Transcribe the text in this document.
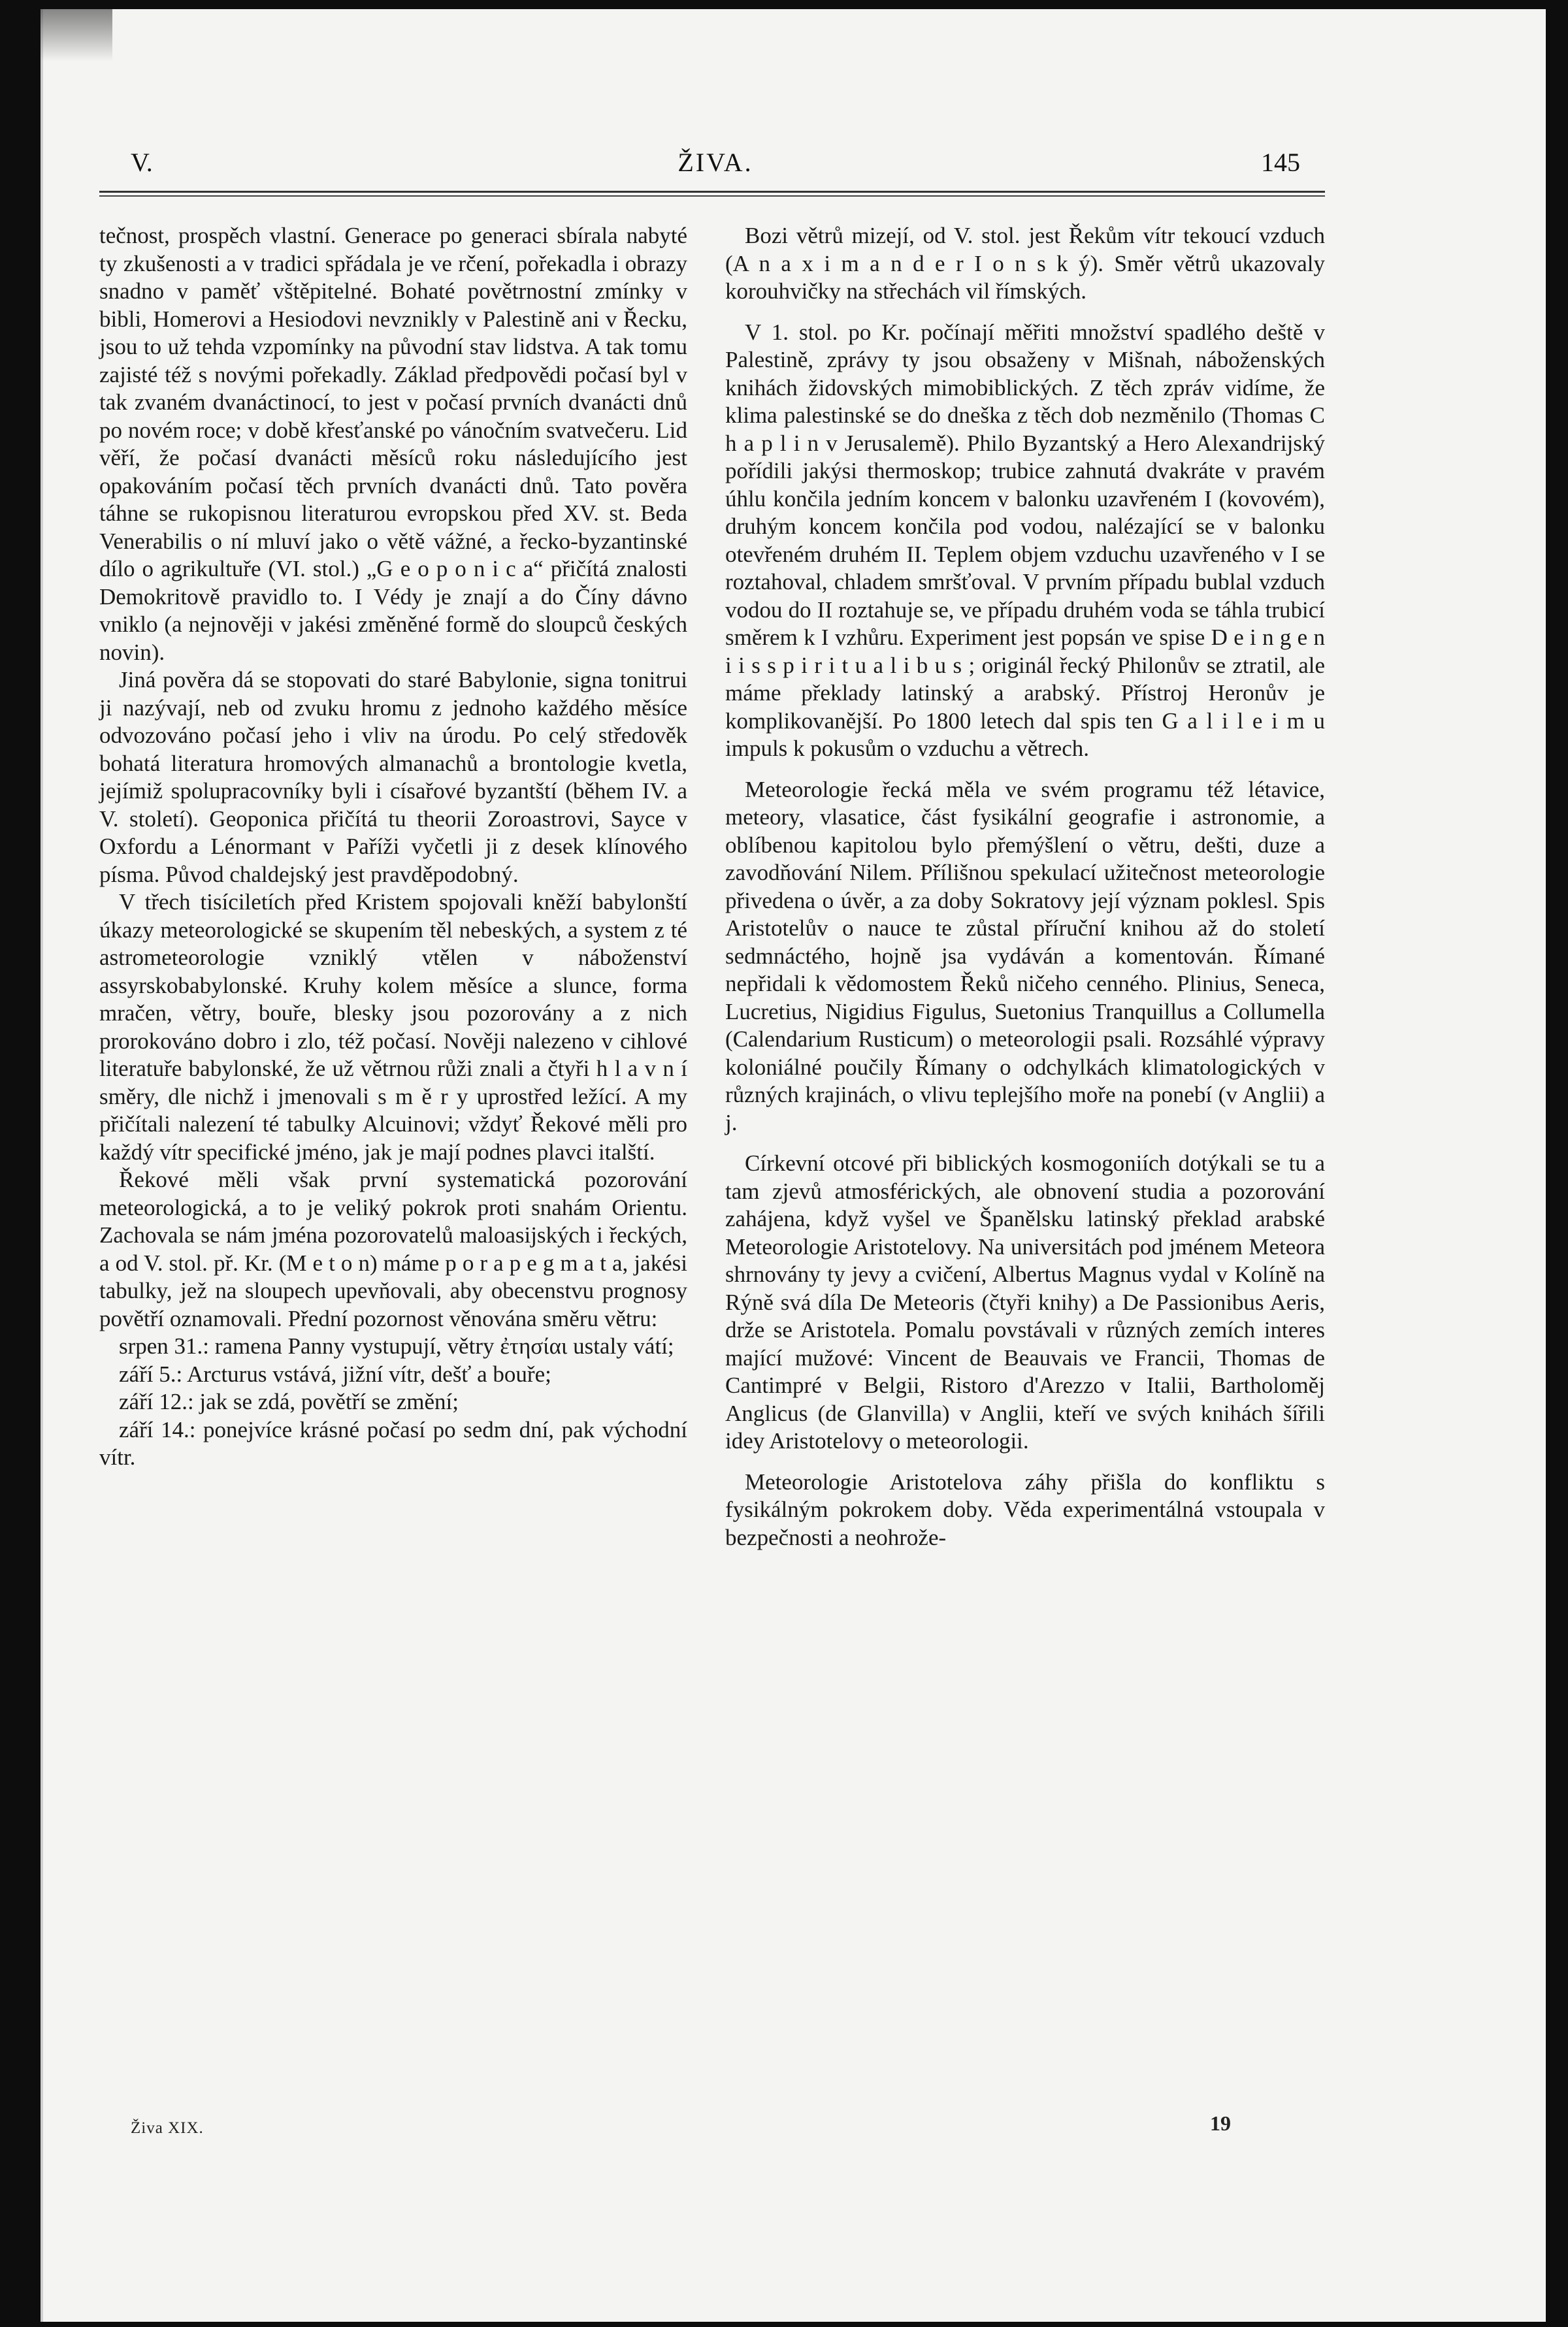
V.	ŽIVA.	145

tečnost, prospěch vlastní. Generace po generaci sbírala nabyté ty zkušenosti a v tradici spřádala je ve rčení, pořekadla i obrazy snadno v paměť vštěpitelné. Bohaté povětrnostní zmínky v bibli, Homerovi a Hesiodovi nevznikly v Palestině ani v Řecku, jsou to už tehda vzpomínky na původní stav lidstva. A tak tomu zajisté též s novými pořekadly. Základ předpovědi počasí byl v tak zvaném dvanáctinocí, to jest v počasí prvních dvanácti dnů po novém roce; v době křesťanské po vánočním svatvečeru. Lid věří, že počasí dvanácti měsíců roku následujícího jest opakováním počasí těch prvních dvanácti dnů. Tato pověra táhne se rukopisnou literaturou evropskou před XV. st. Beda Venerabilis o ní mluví jako o větě vážné, a řecko-byzantinské dílo o agrikultuře (VI. stol.) „G e o p o n i c a“ přičítá znalosti Demokritově pravidlo to. I Védy je znají a do Číny dávno vniklo (a nejnověji v jakési změněné formě do sloupců českých novin).

Jiná pověra dá se stopovati do staré Babylonie, signa tonitrui ji nazývají, neb od zvuku hromu z jednoho každého měsíce odvozováno počasí jeho i vliv na úrodu. Po celý středověk bohatá literatura hromových almanachů a brontologie kvetla, jejímiž spolupracovníky byli i císařové byzantští (během IV. a V. století). Geoponica přičítá tu theorii Zoroastrovi, Sayce v Oxfordu a Lénormant v Paříži vyčetli ji z desek klínového písma. Původ chaldejský jest pravděpodobný.

V třech tisíciletích před Kristem spojovali kněží babylonští úkazy meteorologické se skupením těl nebeských, a system z té astrometeorologie vzniklý vtělen v náboženství assyrskobabylonské. Kruhy kolem měsíce a slunce, forma mračen, větry, bouře, blesky jsou pozorovány a z nich prorokováno dobro i zlo, též počasí. Nověji nalezeno v cihlové literatuře babylonské, že už větrnou růži znali a čtyři h l a v n í směry, dle nichž i jmenovali s m ě r y uprostřed ležící. A my přičítali nalezení té tabulky Alcuinovi; vždyť Řekové měli pro každý vítr specifické jméno, jak je mají podnes plavci italští.

Řekové měli však první systematická pozorování meteorologická, a to je veliký pokrok proti snahám Orientu. Zachovala se nám jména pozorovatelů maloasijských i řeckých, a od V. stol. př. Kr. (M e t o n) máme p o r a p e g m a t a, jakési tabulky, jež na sloupech upevňovali, aby obecenstvu prognosy povětří oznamovali. Přední pozornost věnována směru větru:

srpen 31.: ramena Panny vystupují, větry ἐτησίαι ustaly vátí;

září 5.: Arcturus vstává, jižní vítr, dešť a bouře;

září 12.: jak se zdá, povětří se změní;

září 14.: ponejvíce krásné počasí po sedm dní, pak východní vítr.

Bozi větrů mizejí, od V. stol. jest Řekům vítr tekoucí vzduch (A n a x i m a n d e r I o n s k ý). Směr větrů ukazovaly korouhvičky na střechách vil římských.

V 1. stol. po Kr. počínají měřiti množství spadlého deště v Palestině, zprávy ty jsou obsaženy v Mišnah, náboženských knihách židovských mimobiblických. Z těch zpráv vidíme, že klima palestinské se do dneška z těch dob nezměnilo (Thomas C h a p l i n v Jerusalemě). Philo Byzantský a Hero Alexandrijský pořídili jakýsi thermoskop; trubice zahnutá dvakráte v pravém úhlu končila jedním koncem v balonku uzavřeném I (kovovém), druhým koncem končila pod vodou, nalézající se v balonku otevřeném druhém II. Teplem objem vzduchu uzavřeného v I se roztahoval, chladem smršťoval. V prvním případu bublal vzduch vodou do II roztahuje se, ve případu druhém voda se táhla trubicí směrem k I vzhůru. Experiment jest popsán ve spise D e i n g e n i i s s p i r i t u a l i b u s ; originál řecký Philonův se ztratil, ale máme překlady latinský a arabský. Přístroj Heronův je komplikovanější. Po 1800 letech dal spis ten G a l i l e i m u impuls k pokusům o vzduchu a větrech.

Meteorologie řecká měla ve svém programu též létavice, meteory, vlasatice, část fysikální geografie i astronomie, a oblíbenou kapitolou bylo přemýšlení o větru, dešti, duze a zavodňování Nilem. Přílišnou spekulací užitečnost meteorologie přivedena o úvěr, a za doby Sokratovy její význam poklesl. Spis Aristotelův o nauce te zůstal příruční knihou až do století sedmnáctého, hojně jsa vydáván a komentován. Římané nepřidali k vědomostem Řeků ničeho cenného. Plinius, Seneca, Lucretius, Nigidius Figulus, Suetonius Tranquillus a Collumella (Calendarium Rusticum) o meteorologii psali. Rozsáhlé výpravy koloniálné poučily Římany o odchylkách klimatologických v různých krajinách, o vlivu teplejšího moře na ponebí (v Anglii) a j.

Církevní otcové při biblických kosmogoniích dotýkali se tu a tam zjevů atmosférických, ale obnovení studia a pozorování zahájena, když vyšel ve Španělsku latinský překlad arabské Meteorologie Aristotelovy. Na universitách pod jménem Meteora shrnovány ty jevy a cvičení, Albertus Magnus vydal v Kolíně na Rýně svá díla De Meteoris (čtyři knihy) a De Passionibus Aeris, drže se Aristotela. Pomalu povstávali v různých zemích interes mající mužové: Vincent de Beauvais ve Francii, Thomas de Cantimpré v Belgii, Ristoro d'Arezzo v Italii, Bartholoměj Anglicus (de Glanvilla) v Anglii, kteří ve svých knihách šířili idey Aristotelovy o meteorologii.

Meteorologie Aristotelova záhy přišla do konfliktu s fysikálným pokrokem doby. Věda experimentálná vstoupala v bezpečnosti a neohrože-

Živa XIX.	19
